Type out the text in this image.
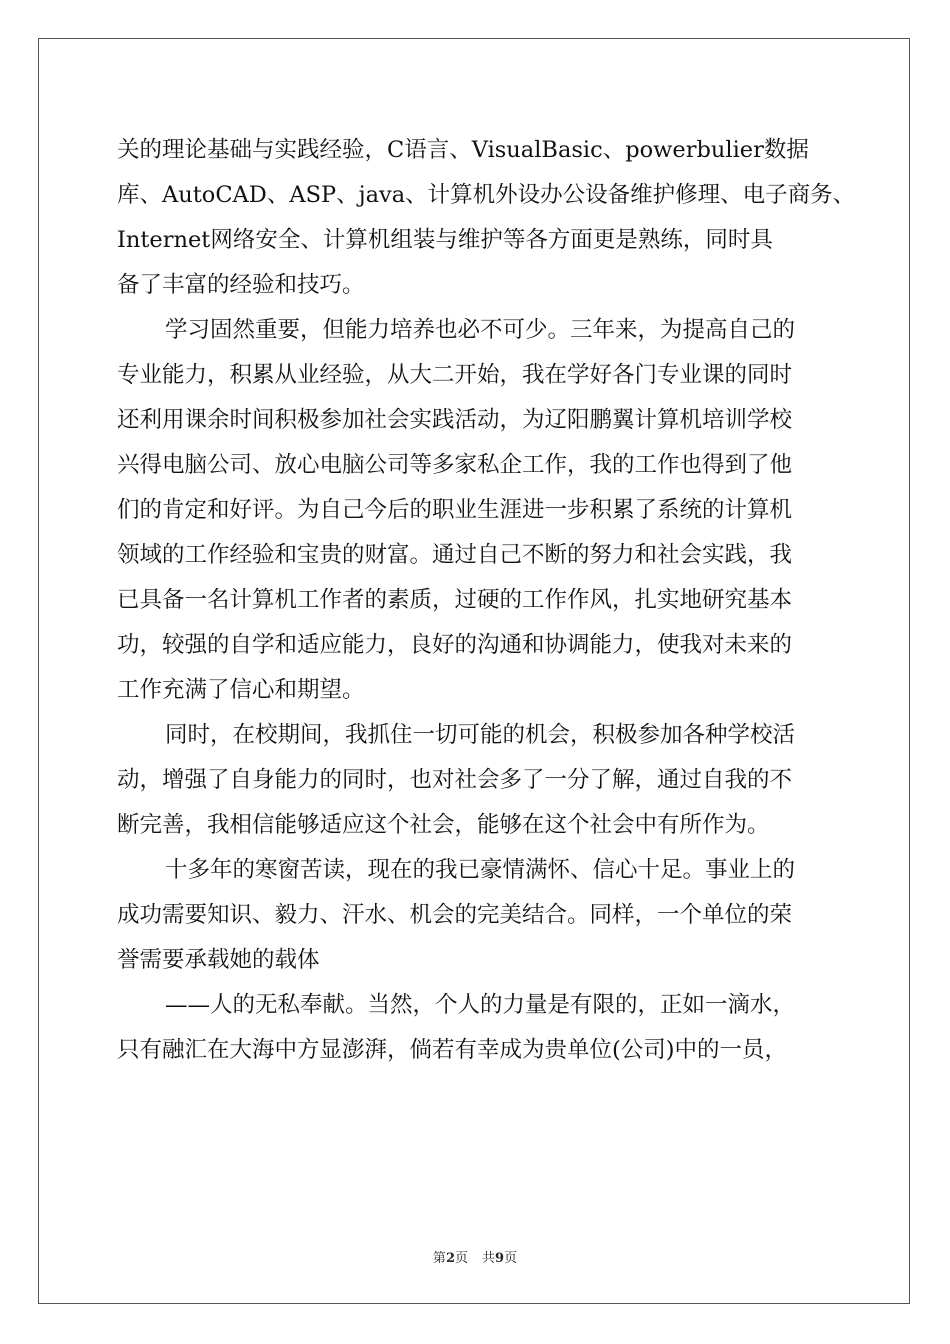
关的理论基础与实践经验，C语言、VisualBasic、powerbulier数据
库、AutoCAD、ASP、java、计算机外设办公设备维护修理、电子商务、
Internet网络安全、计算机组装与维护等各方面更是熟练，同时具
备了丰富的经验和技巧。
学习固然重要，但能力培养也必不可少。三年来，为提高自己的
专业能力，积累从业经验，从大二开始，我在学好各门专业课的同时
还利用课余时间积极参加社会实践活动，为辽阳鹏翼计算机培训学校
兴得电脑公司、放心电脑公司等多家私企工作，我的工作也得到了他
们的肯定和好评。为自己今后的职业生涯进一步积累了系统的计算机
领域的工作经验和宝贵的财富。通过自己不断的努力和社会实践，我
已具备一名计算机工作者的素质，过硬的工作作风，扎实地研究基本
功，较强的自学和适应能力，良好的沟通和协调能力，使我对未来的
工作充满了信心和期望。
同时，在校期间，我抓住一切可能的机会，积极参加各种学校活
动，增强了自身能力的同时，也对社会多了一分了解，通过自我的不
断完善，我相信能够适应这个社会，能够在这个社会中有所作为。
十多年的寒窗苦读，现在的我已豪情满怀、信心十足。事业上的
成功需要知识、毅力、汗水、机会的完美结合。同样，一个单位的荣
誉需要承载她的载体
——人的无私奉献。当然，个人的力量是有限的，正如一滴水，
只有融汇在大海中方显澎湃，倘若有幸成为贵单位(公司)中的一员，
第2页 共9页
